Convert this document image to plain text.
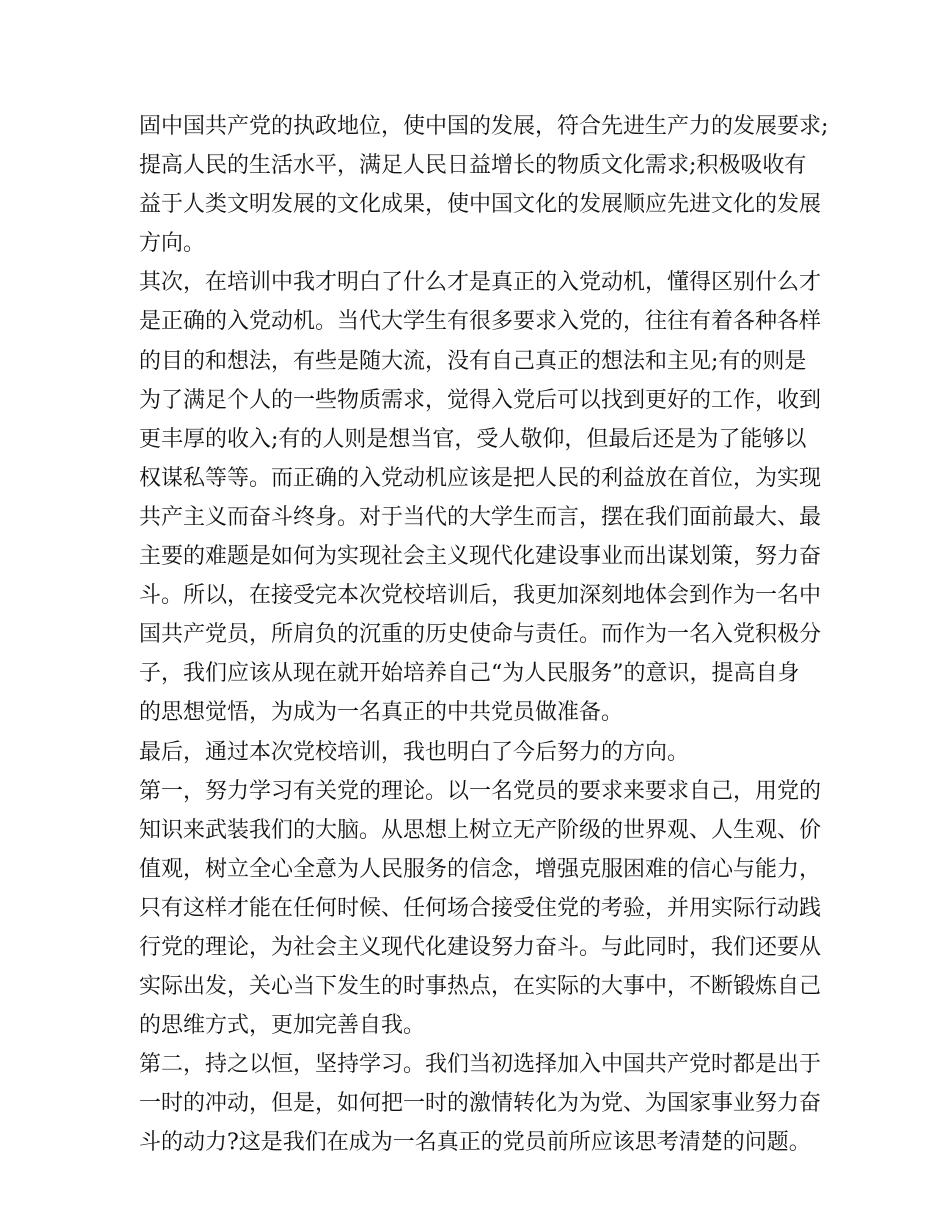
固中国共产党的执政地位，使中国的发展，符合先进生产力的发展要求;
提高人民的生活水平，满足人民日益增长的物质文化需求;积极吸收有
益于人类文明发展的文化成果，使中国文化的发展顺应先进文化的发展
方向。
其次，在培训中我才明白了什么才是真正的入党动机，懂得区别什么才
是正确的入党动机。当代大学生有很多要求入党的，往往有着各种各样
的目的和想法，有些是随大流，没有自己真正的想法和主见;有的则是
为了满足个人的一些物质需求，觉得入党后可以找到更好的工作，收到
更丰厚的收入;有的人则是想当官，受人敬仰，但最后还是为了能够以
权谋私等等。而正确的入党动机应该是把人民的利益放在首位，为实现
共产主义而奋斗终身。对于当代的大学生而言，摆在我们面前最大、最
主要的难题是如何为实现社会主义现代化建设事业而出谋划策，努力奋
斗。所以，在接受完本次党校培训后，我更加深刻地体会到作为一名中
国共产党员，所肩负的沉重的历史使命与责任。而作为一名入党积极分
子，我们应该从现在就开始培养自己“为人民服务”的意识，提高自身
的思想觉悟，为成为一名真正的中共党员做准备。
最后，通过本次党校培训，我也明白了今后努力的方向。
第一，努力学习有关党的理论。以一名党员的要求来要求自己，用党的
知识来武装我们的大脑。从思想上树立无产阶级的世界观、人生观、价
值观，树立全心全意为人民服务的信念，增强克服困难的信心与能力，
只有这样才能在任何时候、任何场合接受住党的考验，并用实际行动践
行党的理论，为社会主义现代化建设努力奋斗。与此同时，我们还要从
实际出发，关心当下发生的时事热点，在实际的大事中，不断锻炼自己
的思维方式，更加完善自我。
第二，持之以恒，坚持学习。我们当初选择加入中国共产党时都是出于
一时的冲动，但是，如何把一时的激情转化为为党、为国家事业努力奋
斗的动力?这是我们在成为一名真正的党员前所应该思考清楚的问题。
